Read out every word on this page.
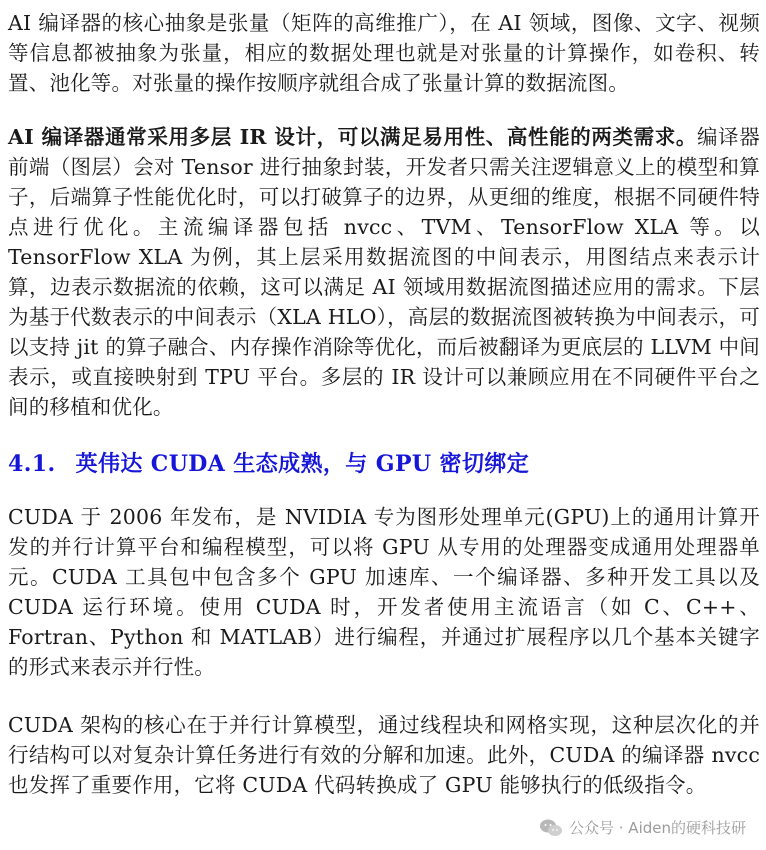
AI 编译器的核心抽象是张量（矩阵的高维推广），在 AI 领域，图像、文字、视频等信息都被抽象为张量，相应的数据处理也就是对张量的计算操作，如卷积、转置、池化等。对张量的操作按顺序就组合成了张量计算的数据流图。

AI 编译器通常采用多层 IR 设计，可以满足易用性、高性能的两类需求。编译器前端（图层）会对 Tensor 进行抽象封装，开发者只需关注逻辑意义上的模型和算子，后端算子性能优化时，可以打破算子的边界，从更细的维度，根据不同硬件特点进行优化。主流编译器包括 nvcc、TVM、TensorFlow XLA 等。以 TensorFlow XLA 为例，其上层采用数据流图的中间表示，用图结点来表示计算，边表示数据流的依赖，这可以满足 AI 领域用数据流图描述应用的需求。下层为基于代数表示的中间表示（XLA HLO），高层的数据流图被转换为中间表示，可以支持 jit 的算子融合、内存操作消除等优化，而后被翻译为更底层的 LLVM 中间表示，或直接映射到 TPU 平台。多层的 IR 设计可以兼顾应用在不同硬件平台之间的移植和优化。

4.1. 英伟达 CUDA 生态成熟，与 GPU 密切绑定

CUDA 于 2006 年发布，是 NVIDIA 专为图形处理单元(GPU)上的通用计算开发的并行计算平台和编程模型，可以将 GPU 从专用的处理器变成通用处理器单元。CUDA 工具包中包含多个 GPU 加速库、一个编译器、多种开发工具以及 CUDA 运行环境。使用 CUDA 时，开发者使用主流语言（如 C、C++、Fortran、Python 和 MATLAB）进行编程，并通过扩展程序以几个基本关键字的形式来表示并行性。

CUDA 架构的核心在于并行计算模型，通过线程块和网格实现，这种层次化的并行结构可以对复杂计算任务进行有效的分解和加速。此外，CUDA 的编译器 nvcc 也发挥了重要作用，它将 CUDA 代码转换成了 GPU 能够执行的低级指令。

公众号 · Aiden的硬科技研
